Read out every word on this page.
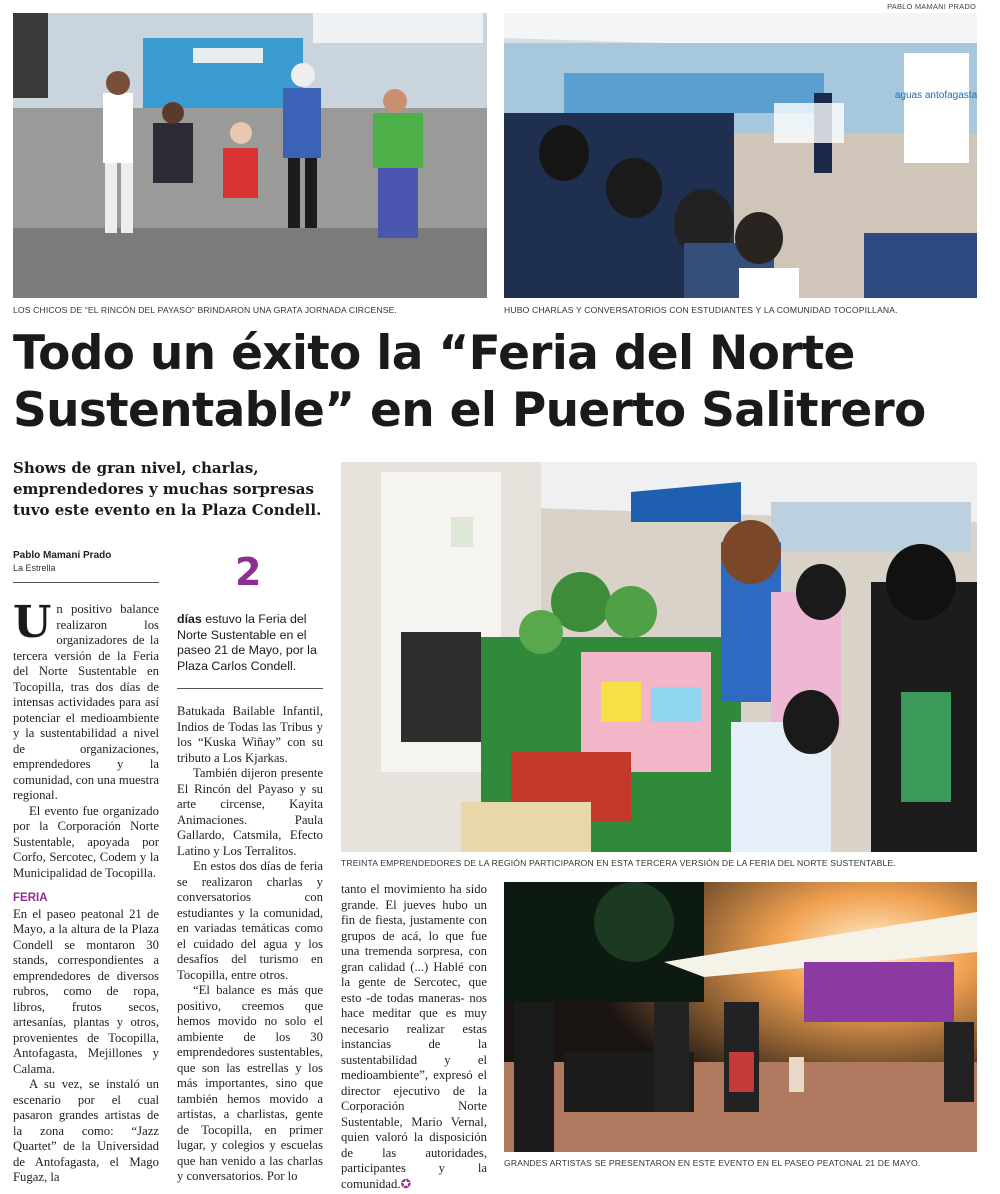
PABLO MAMANI PRADO
LOS CHICOS DE “EL RINCÓN DEL PAYASO” BRINDARON UNA GRATA JORNADA CIRCENSE.
aguas antofagasta
HUBO CHARLAS Y CONVERSATORIOS CON ESTUDIANTES Y LA COMUNIDAD TOCOPILLANA.
Todo un éxito la “Feria del Norte Sustentable” en el Puerto Salitrero

Shows de gran nivel, charlas, emprendedores y muchas sorpresas tuvo este evento en la Plaza Condell.

Pablo Mamani Prado
La Estrella	2
días estuvo la Feria del Norte Sustentable en el paseo 21 de Mayo, por la Plaza Carlos Condell.
TREINTA EMPRENDEDORES DE LA REGIÓN PARTICIPARON EN ESTA TERCERA VERSIÓN DE LA FERIA DEL NORTE SUSTENTABLE.
GRANDES ARTISTAS SE PRESENTARON EN ESTE EVENTO EN EL PASEO PEATONAL 21 DE MAYO.

Un positivo balance realizaron los organizadores de la tercera versión de la Feria del Norte Sustentable en Tocopilla, tras dos días de intensas actividades para así potenciar el medioambiente y la sustentabilidad a nivel de organizaciones, emprendedores y la comunidad, con una muestra regional.

El evento fue organizado por la Corporación Norte Sustentable, apoyada por Corfo, Sercotec, Codem y la Municipalidad de Tocopilla.

FERIA

En el paseo peatonal 21 de Mayo, a la altura de la Plaza Condell se montaron 30 stands, correspondientes a emprendedores de diversos rubros, como de ropa, libros, frutos secos, artesanías, plantas y otros, provenientes de Tocopilla, Antofagasta, Mejillones y Calama.

A su vez, se instaló un escenario por el cual pasaron grandes artistas de la zona como: “Jazz Quartet” de la Universidad de Antofagasta, el Mago Fugaz, la

Batukada Bailable Infantil, Indios de Todas las Tribus y los “Kuska Wiñay” con su tributo a Los Kjarkas.

También dijeron presente El Rincón del Payaso y su arte circense, Kayita Animaciones. Paula Gallardo, Catsmila, Efecto Latino y Los Terralitos.

En estos dos días de feria se realizaron charlas y conversatorios con estudiantes y la comunidad, en variadas temáticas como el cuidado del agua y los desafíos del turismo en Tocopilla, entre otros.

“El balance es más que positivo, creemos que hemos movido no solo el ambiente de los 30 emprendedores sustentables, que son las estrellas y los más importantes, sino que también hemos movido a artistas, a charlistas, gente de Tocopilla, en primer lugar, y colegios y escuelas que han venido a las charlas y conversatorios. Por lo

tanto el movimiento ha sido grande. El jueves hubo un fin de fiesta, justamente con grupos de acá, lo que fue una tremenda sorpresa, con gran calidad (...) Hablé con la gente de Sercotec, que esto -de todas maneras- nos hace meditar que es muy necesario realizar estas instancias de la sustentabilidad y el medioambiente”, expresó el director ejecutivo de la Corporación Norte Sustentable, Mario Vernal, quien valoró la disposición de las autoridades, participantes y la comunidad.✪
